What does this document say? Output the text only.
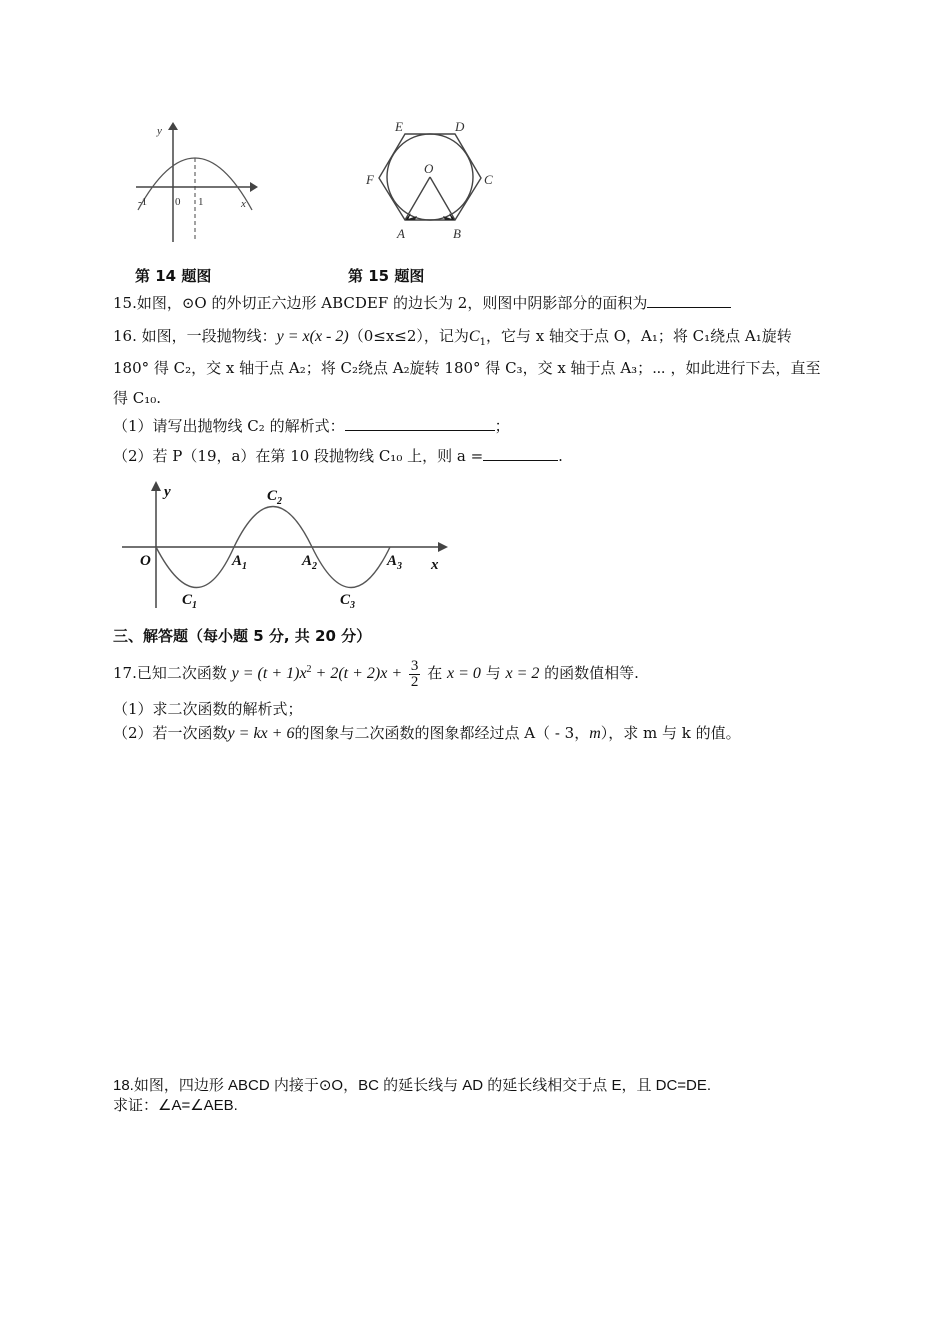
y
x
-1	0 1
E	D
F
O
C
A	B
第 14 题图	第 15 题图
15.如图，⊙O 的外切正六边形 ABCDEF 的边长为 2，则图中阴影部分的面积为
16. 如图，一段抛物线：y = x(x - 2)（0≤x≤2），记为$C_1$，它与 x 轴交于点 O，A₁；将 C₁绕点 A₁旋转
180° 得 C₂，交 x 轴于点 A₂；将 C₂绕点 A₂旋转 180° 得 C₃，交 x 轴于点 A₃；⋯ ，如此进行下去，直至
得 C₁₀.
（1）请写出抛物线 C₂ 的解析式：	；
（2）若 P（19，a）在第 10 段抛物线 C₁₀ 上，则 a =	.
y
x
O
$C_1$
$C_2$
$C_3$
$A_1$	$A_2$	$A_3$
三、解答题（每小题 5 分, 共 20 分）
17.已知二次函数 $y = (t + 1)x^2 + 2(t + 2)x + \frac{3}{2}$ 在 x = 0 与 x = 2 的函数值相等.
（1）求二次函数的解析式；
（2）若一次函数y = kx + 6的图象与二次函数的图象都经过点 A（ - 3，m），求 m 与 k 的值。
18.如图，四边形 ABCD 内接于⊙O，BC 的延长线与 AD 的延长线相交于点 E，且 DC=DE.
求证：∠A=∠AEB.
